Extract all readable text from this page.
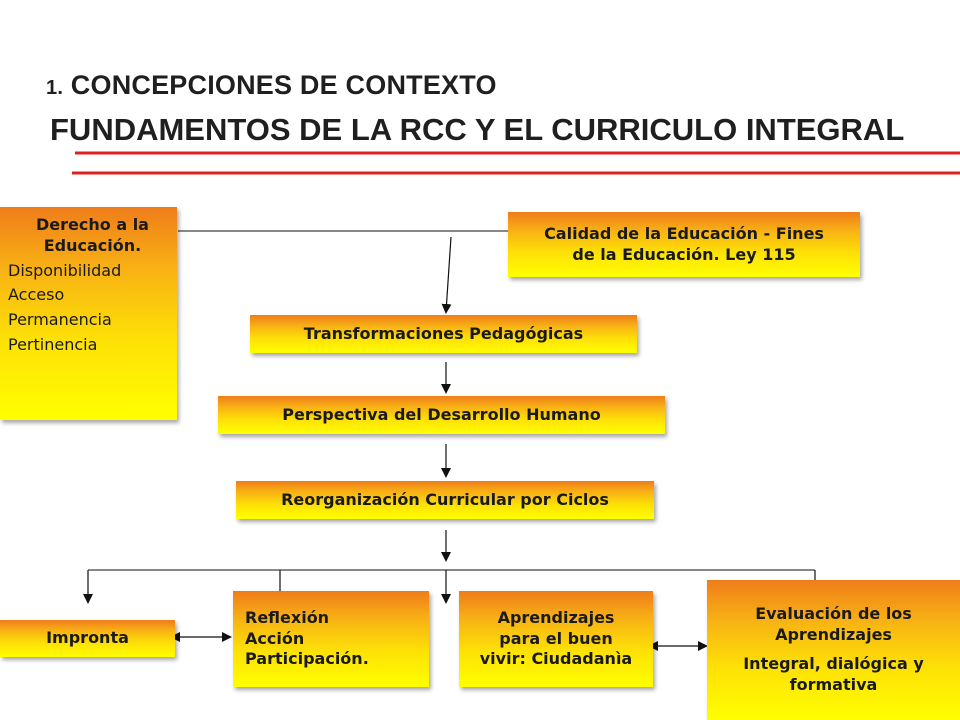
1. CONCEPCIONES DE CONTEXTO
FUNDAMENTOS DE LA RCC Y EL CURRICULO INTEGRAL
Derecho a la
Educación.
Disponibilidad
Acceso
Permanencia
Pertinencia
Calidad de la Educación - Fines
de la Educación. Ley 115
Transformaciones Pedagógicas
Perspectiva del Desarrollo Humano
Reorganización Curricular por Ciclos
Impronta
Reflexión
Acción
Participación.
Aprendizajes
para el buen
vivir: Ciudadanìa
Evaluación de los
Aprendizajes
Integral, dialógica y
formativa
